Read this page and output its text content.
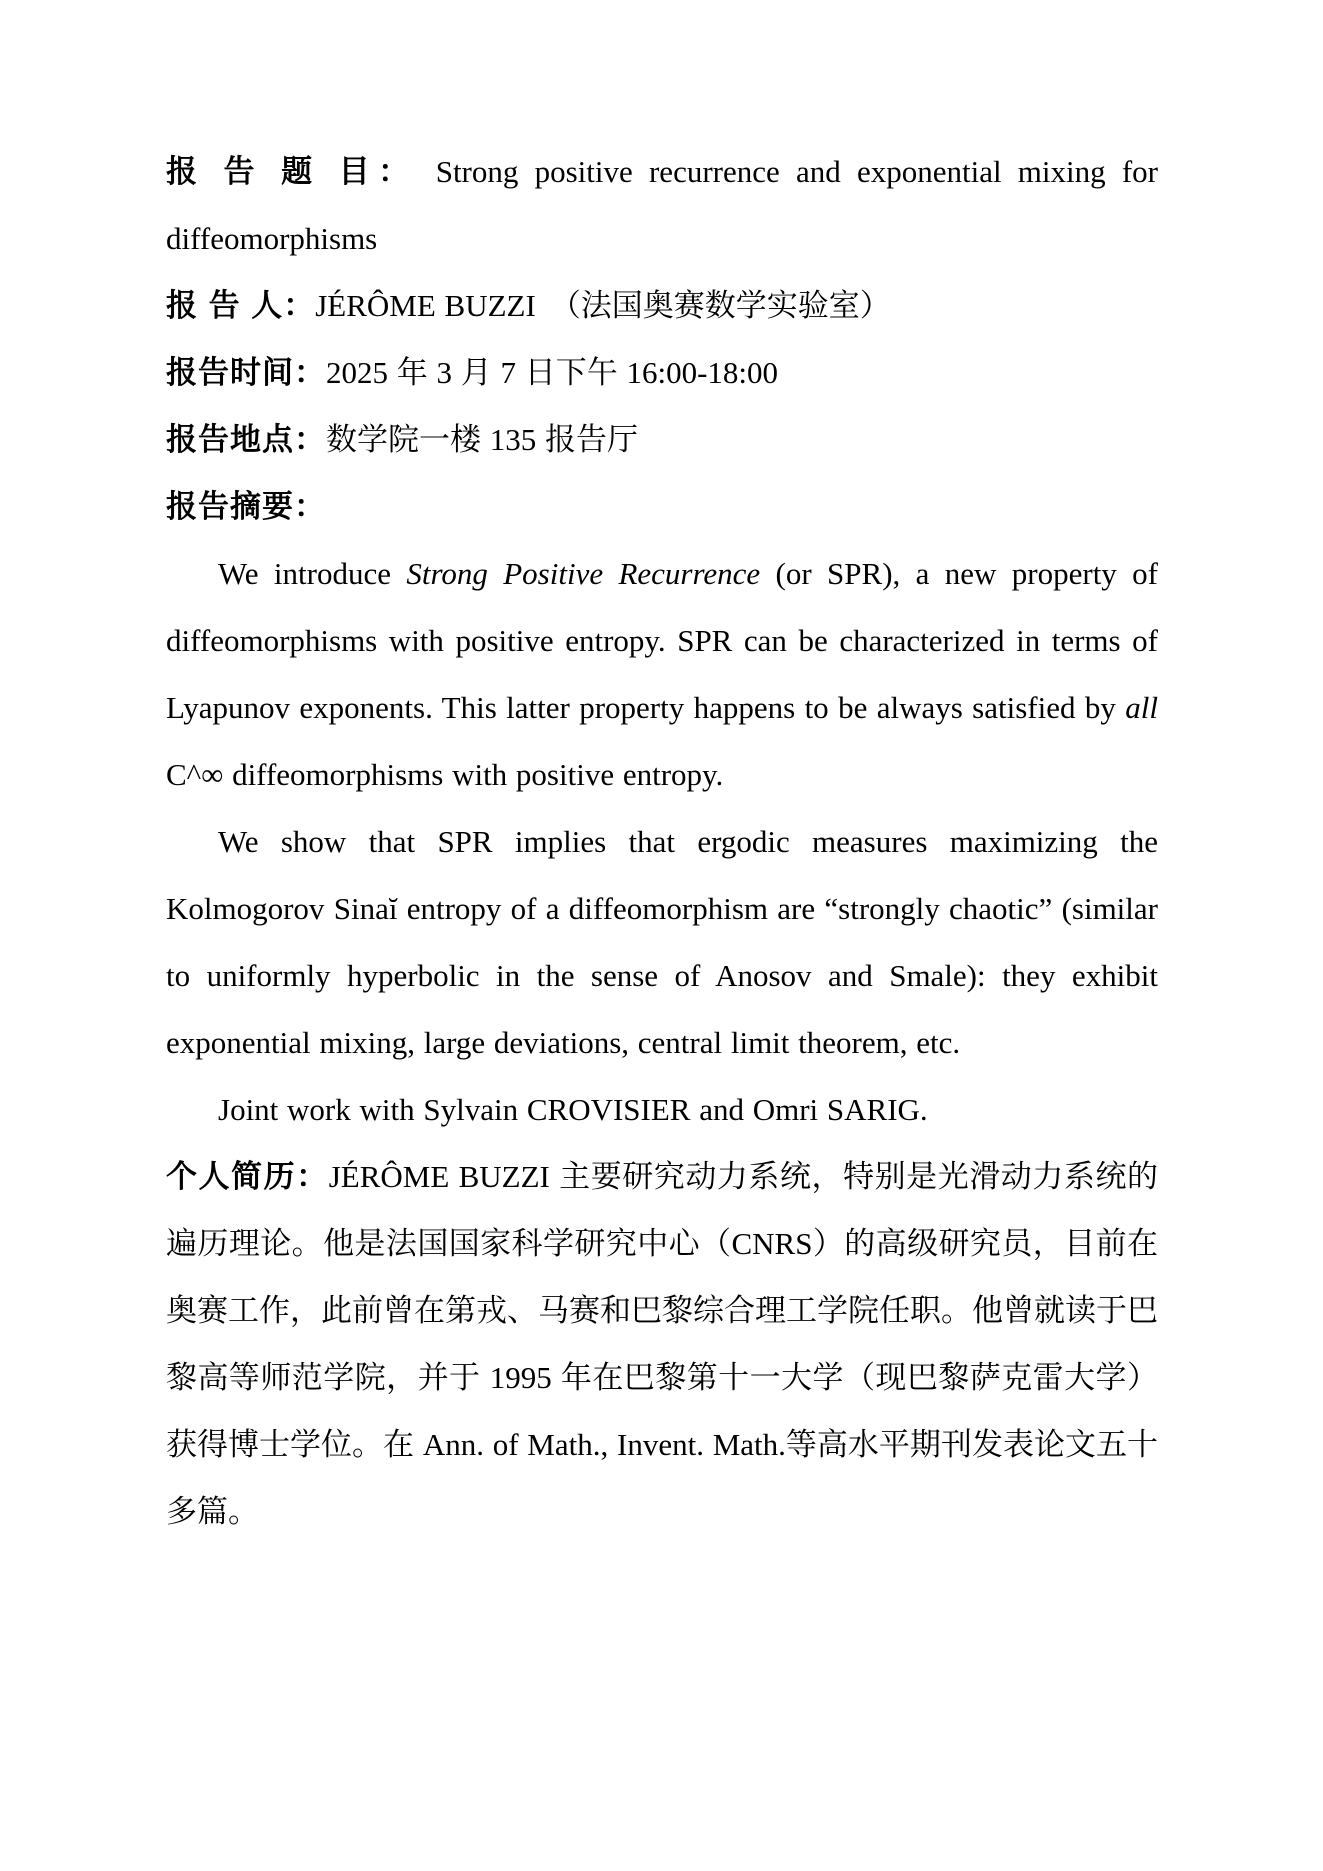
报 告 题 目： Strong positive recurrence and exponential mixing for diffeomorphisms

报 告 人：JÉRÔME BUZZI （法国奥赛数学实验室）

报告时间：2025 年 3 月 7 日下午 16:00-18:00

报告地点：数学院一楼 135 报告厅

报告摘要：

We introduce Strong Positive Recurrence (or SPR), a new property of diffeomorphisms with positive entropy. SPR can be characterized in terms of Lyapunov exponents. This latter property happens to be always satisfied by all C^∞ diffeomorphisms with positive entropy.

We show that SPR implies that ergodic measures maximizing the Kolmogorov Sinaĭ entropy of a diffeomorphism are “strongly chaotic” (similar to uniformly hyperbolic in the sense of Anosov and Smale): they exhibit exponential mixing, large deviations, central limit theorem, etc.

Joint work with Sylvain CROVISIER and Omri SARIG.

个人简历：JÉRÔME BUZZI 主要研究动力系统，特别是光滑动力系统的遍历理论。他是法国国家科学研究中心（CNRS）的高级研究员，目前在奥赛工作，此前曾在第戎、马赛和巴黎综合理工学院任职。他曾就读于巴黎高等师范学院，并于 1995 年在巴黎第十一大学（现巴黎萨克雷大学）获得博士学位。在 Ann. of Math., Invent. Math.等高水平期刊发表论文五十多篇。
